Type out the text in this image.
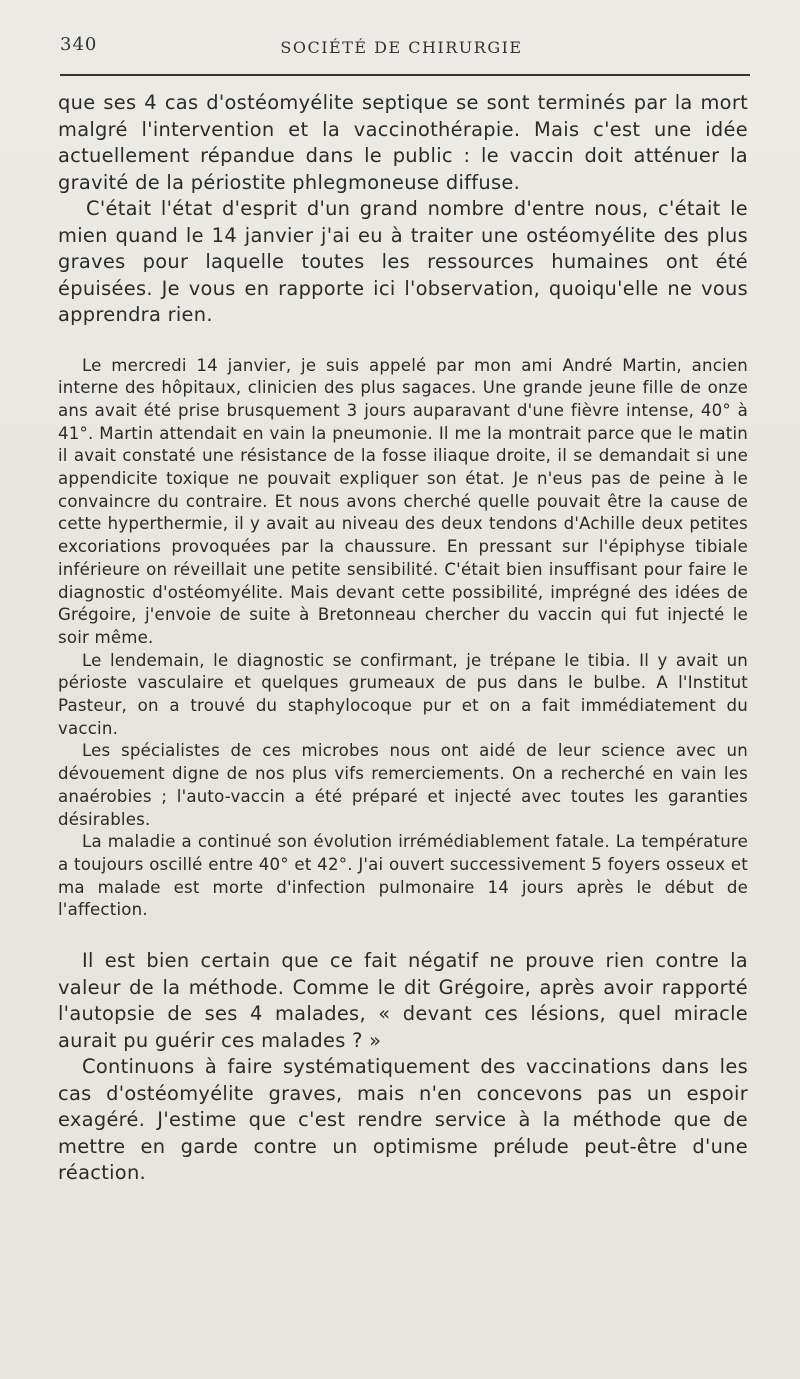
340	SOCIÉTÉ DE CHIRURGIE

que ses 4 cas d'ostéomyélite septique se sont terminés par la mort malgré l'intervention et la vaccinothérapie. Mais c'est une idée actuellement répandue dans le public : le vaccin doit atténuer la gravité de la périostite phlegmoneuse diffuse.

C'était l'état d'esprit d'un grand nombre d'entre nous, c'était le mien quand le 14 janvier j'ai eu à traiter une ostéomyélite des plus graves pour laquelle toutes les ressources humaines ont été épuisées. Je vous en rapporte ici l'observation, quoiqu'elle ne vous apprendra rien.

Le mercredi 14 janvier, je suis appelé par mon ami André Martin, ancien interne des hôpitaux, clinicien des plus sagaces. Une grande jeune fille de onze ans avait été prise brusquement 3 jours auparavant d'une fièvre intense, 40° à 41°. Martin attendait en vain la pneumonie. Il me la montrait parce que le matin il avait constaté une résistance de la fosse iliaque droite, il se demandait si une appendicite toxique ne pouvait expliquer son état. Je n'eus pas de peine à le convaincre du contraire. Et nous avons cherché quelle pouvait être la cause de cette hyperthermie, il y avait au niveau des deux tendons d'Achille deux petites excoriations provoquées par la chaussure. En pressant sur l'épiphyse tibiale inférieure on réveillait une petite sensibilité. C'était bien insuffisant pour faire le diagnostic d'ostéomyélite. Mais devant cette possibilité, imprégné des idées de Grégoire, j'envoie de suite à Bretonneau chercher du vaccin qui fut injecté le soir même.

Le lendemain, le diagnostic se confirmant, je trépane le tibia. Il y avait un périoste vasculaire et quelques grumeaux de pus dans le bulbe. A l'Institut Pasteur, on a trouvé du staphylocoque pur et on a fait immédiatement du vaccin.

Les spécialistes de ces microbes nous ont aidé de leur science avec un dévouement digne de nos plus vifs remerciements. On a recherché en vain les anaérobies ; l'auto-vaccin a été préparé et injecté avec toutes les garanties désirables.

La maladie a continué son évolution irrémédiablement fatale. La température a toujours oscillé entre 40° et 42°. J'ai ouvert successivement 5 foyers osseux et ma malade est morte d'infection pulmonaire 14 jours après le début de l'affection.

Il est bien certain que ce fait négatif ne prouve rien contre la valeur de la méthode. Comme le dit Grégoire, après avoir rapporté l'autopsie de ses 4 malades, « devant ces lésions, quel miracle aurait pu guérir ces malades ? »

Continuons à faire systématiquement des vaccinations dans les cas d'ostéomyélite graves, mais n'en concevons pas un espoir exagéré. J'estime que c'est rendre service à la méthode que de mettre en garde contre un optimisme prélude peut-être d'une réaction.
